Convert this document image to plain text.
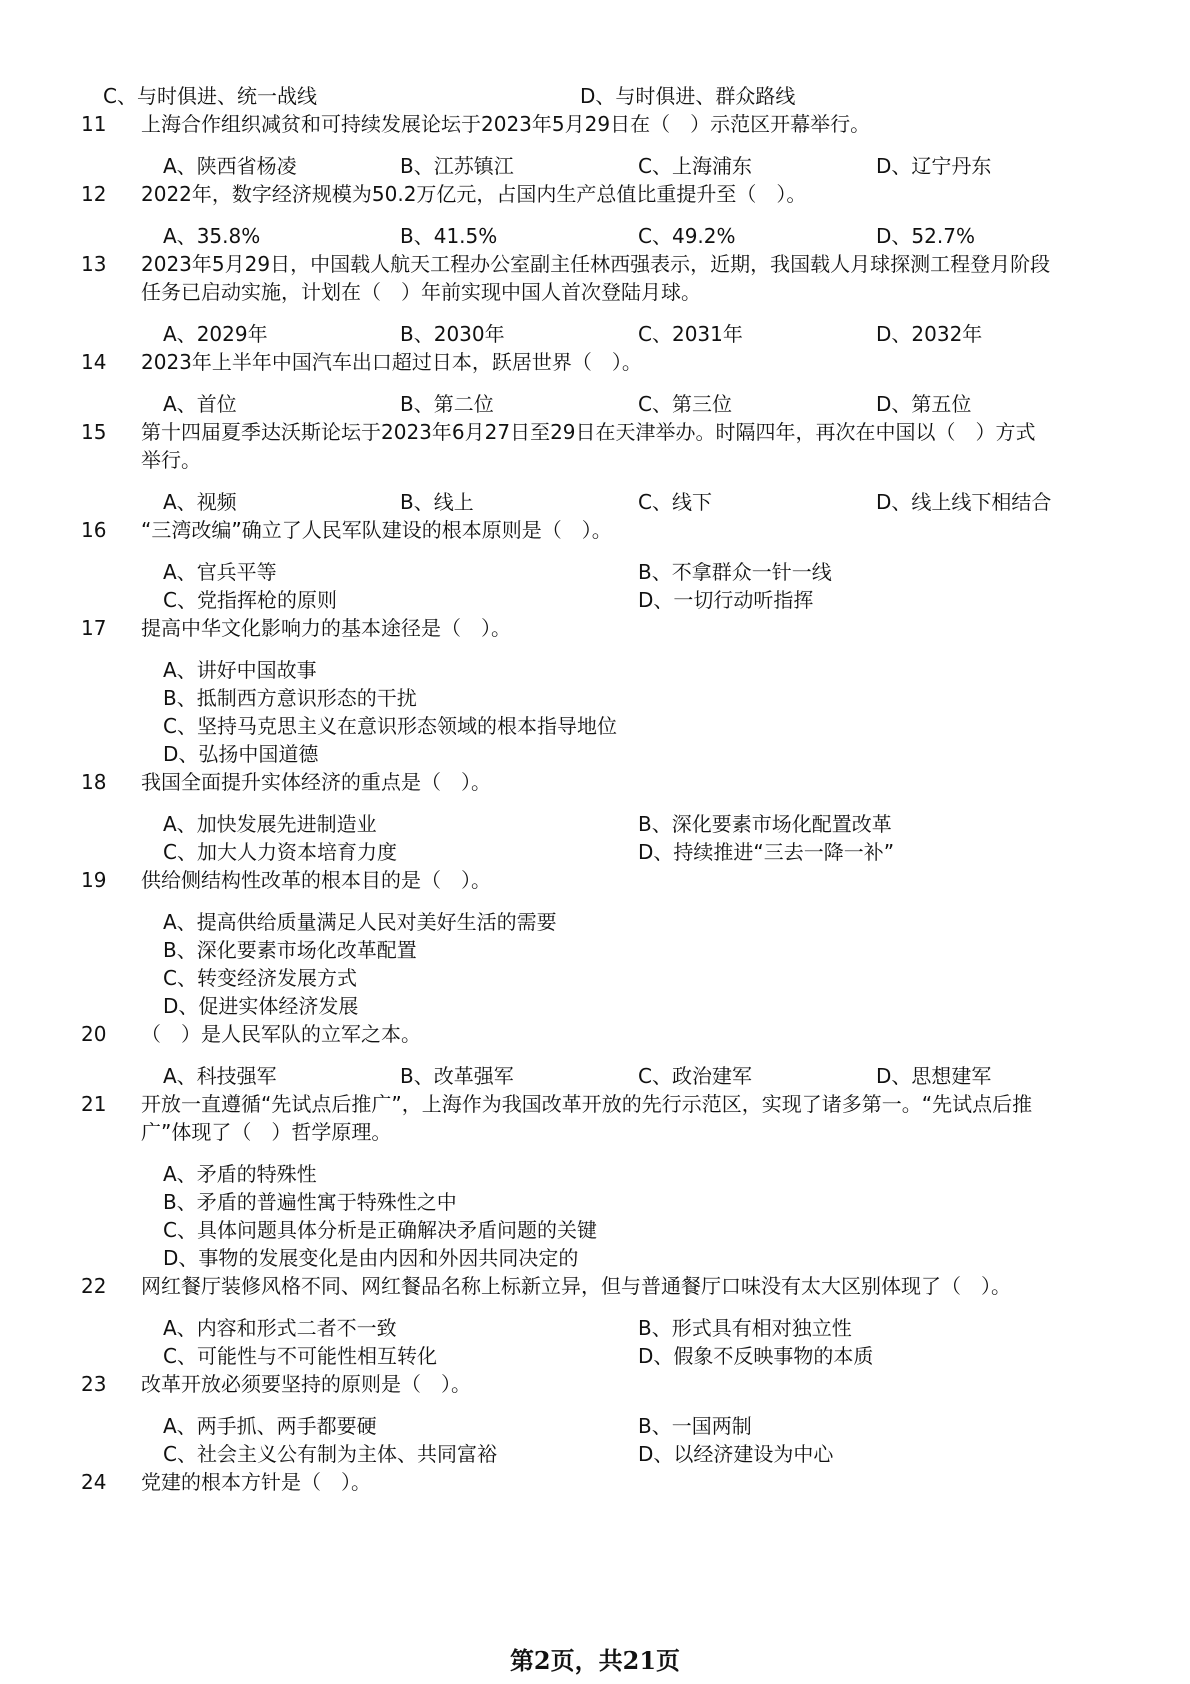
C、与时俱进、统一战线	D、与时俱进、群众路线
11 上海合作组织减贫和可持续发展论坛于2023年5月29日在（　）示范区开幕举行。
A、陕西省杨凌	B、江苏镇江	C、上海浦东	D、辽宁丹东
12 2022年，数字经济规模为50.2万亿元，占国内生产总值比重提升至（　）。
A、35.8%	B、41.5%	C、49.2%	D、52.7%
13 2023年5月29日，中国载人航天工程办公室副主任林西强表示，近期，我国载人月球探测工程登月阶段
任务已启动实施，计划在（　）年前实现中国人首次登陆月球。
A、2029年	B、2030年	C、2031年	D、2032年
14 2023年上半年中国汽车出口超过日本，跃居世界（　）。
A、首位	B、第二位	C、第三位	D、第五位
15 第十四届夏季达沃斯论坛于2023年6月27日至29日在天津举办。时隔四年，再次在中国以（　）方式
举行。
A、视频	B、线上	C、线下	D、线上线下相结合
16 “三湾改编”确立了人民军队建设的根本原则是（　）。
A、官兵平等	B、不拿群众一针一线
C、党指挥枪的原则	D、一切行动听指挥
17 提高中华文化影响力的基本途径是（　）。
A、讲好中国故事
B、抵制西方意识形态的干扰
C、坚持马克思主义在意识形态领域的根本指导地位
D、弘扬中国道德
18 我国全面提升实体经济的重点是（　）。
A、加快发展先进制造业	B、深化要素市场化配置改革
C、加大人力资本培育力度	D、持续推进“三去一降一补”
19 供给侧结构性改革的根本目的是（　）。
A、提高供给质量满足人民对美好生活的需要
B、深化要素市场化改革配置
C、转变经济发展方式
D、促进实体经济发展
20 （　）是人民军队的立军之本。
A、科技强军	B、改革强军	C、政治建军	D、思想建军
21 开放一直遵循“先试点后推广”，上海作为我国改革开放的先行示范区，实现了诸多第一。“先试点后推
广”体现了（　）哲学原理。
A、矛盾的特殊性
B、矛盾的普遍性寓于特殊性之中
C、具体问题具体分析是正确解决矛盾问题的关键
D、事物的发展变化是由内因和外因共同决定的
22 网红餐厅装修风格不同、网红餐品名称上标新立异，但与普通餐厅口味没有太大区别体现了（　）。
A、内容和形式二者不一致	B、形式具有相对独立性
C、可能性与不可能性相互转化	D、假象不反映事物的本质
23 改革开放必须要坚持的原则是（　）。
A、两手抓、两手都要硬	B、一国两制
C、社会主义公有制为主体、共同富裕	D、以经济建设为中心
24 党建的根本方针是（　）。
第2页，共21页
